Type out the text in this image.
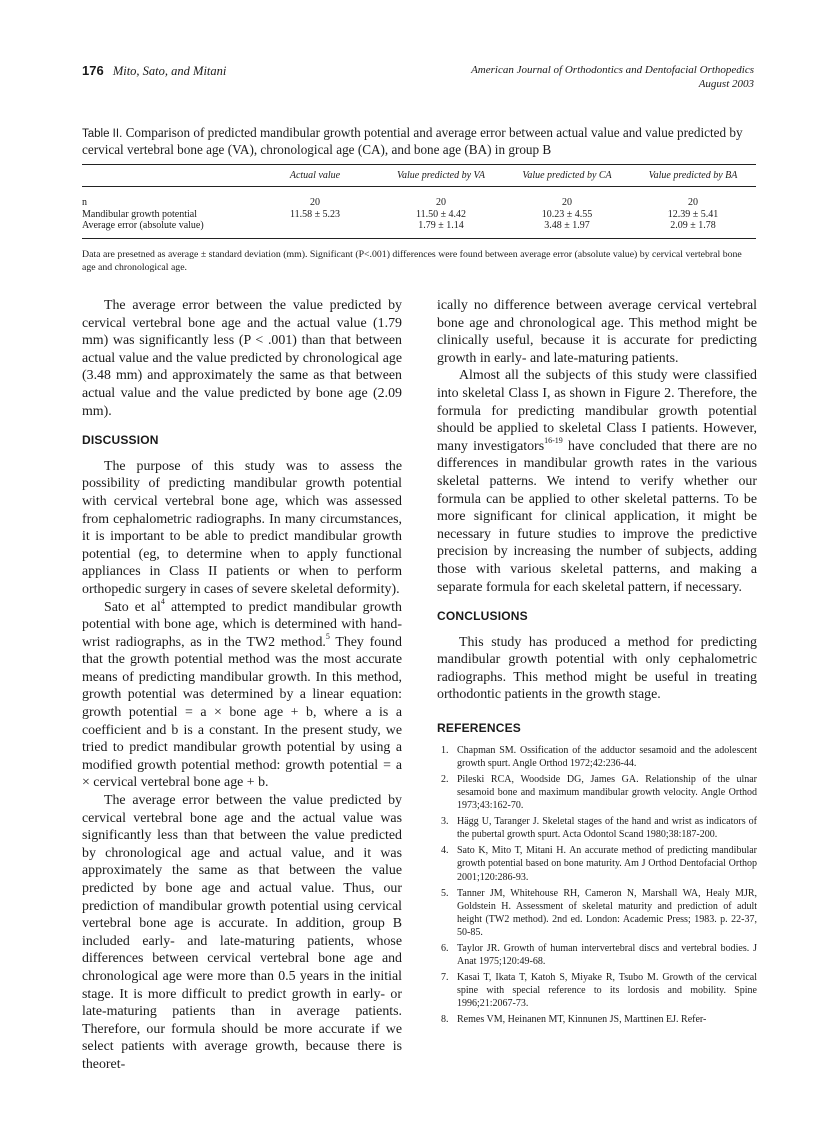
176 Mito, Sato, and Mitani	American Journal of Orthodontics and Dentofacial Orthopedics
August 2003
Table II. Comparison of predicted mandibular growth potential and average error between actual value and value predicted by cervical vertebral bone age (VA), chronological age (CA), and bone age (BA) in group B
	Actual value	Value predicted by VA	Value predicted by CA	Value predicted by BA

n	20	20	20	20
Mandibular growth potential	11.58 ± 5.23	11.50 ± 4.42	10.23 ± 4.55	12.39 ± 5.41
Average error (absolute value)		1.79 ± 1.14	3.48 ± 1.97	2.09 ± 1.78
Data are presetned as average ± standard deviation (mm). Significant (P<.001) differences were found between average error (absolute value) by cervical vertebral bone age and chronological age.

The average error between the value predicted by cervical vertebral bone age and the actual value (1.79 mm) was significantly less (P < .001) than that between actual value and the value predicted by chronological age (3.48 mm) and approximately the same as that between actual value and the value predicted by bone age (2.09 mm).

DISCUSSION

The purpose of this study was to assess the possibility of predicting mandibular growth potential with cervical vertebral bone age, which was assessed from cephalometric radiographs. In many circumstances, it is important to be able to predict mandibular growth potential (eg, to determine when to apply functional appliances in Class II patients or when to perform orthopedic surgery in cases of severe skeletal deformity).

Sato et $al^4$ attempted to predict mandibular growth potential with bone age, which is determined with hand-wrist radiographs, as in the TW2 method.$^5$ They found that the growth potential method was the most accurate means of predicting mandibular growth. In this method, growth potential was determined by a linear equation: growth potential = a × bone age + b, where a is a coefficient and b is a constant. In the present study, we tried to predict mandibular growth potential by using a modified growth potential method: growth potential = a × cervical vertebral bone age + b.

The average error between the value predicted by cervical vertebral bone age and the actual value was significantly less than that between the value predicted by chronological age and actual value, and it was approximately the same as that between the value predicted by bone age and actual value. Thus, our prediction of mandibular growth potential using cervical vertebral bone age is accurate. In addition, group B included early- and late-maturing patients, whose differences between cervical vertebral bone age and chronological age were more than 0.5 years in the initial stage. It is more difficult to predict growth in early- or late-maturing patients than in average patients. Therefore, our formula should be more accurate if we select patients with average growth, because there is theoret-

ically no difference between average cervical vertebral bone age and chronological age. This method might be clinically useful, because it is accurate for predicting growth in early- and late-maturing patients.

Almost all the subjects of this study were classified into skeletal Class I, as shown in Figure 2. Therefore, the formula for predicting mandibular growth potential should be applied to skeletal Class I patients. However, many investigators$^{16-19}$ have concluded that there are no differences in mandibular growth rates in the various skeletal patterns. We intend to verify whether our formula can be applied to other skeletal patterns. To be more significant for clinical application, it might be necessary in future studies to improve the predictive precision by increasing the number of subjects, adding those with various skeletal patterns, and making a separate formula for each skeletal pattern, if necessary.

CONCLUSIONS

This study has produced a method for predicting mandibular growth potential with only cephalometric radiographs. This method might be useful in treating orthodontic patients in the growth stage.

REFERENCES
1. Chapman SM. Ossification of the adductor sesamoid and the adolescent growth spurt. Angle Orthod 1972;42:236-44.
2. Pileski RCA, Woodside DG, James GA. Relationship of the ulnar sesamoid bone and maximum mandibular growth velocity. Angle Orthod 1973;43:162-70.
3. Hägg U, Taranger J. Skeletal stages of the hand and wrist as indicators of the pubertal growth spurt. Acta Odontol Scand 1980;38:187-200.
4. Sato K, Mito T, Mitani H. An accurate method of predicting mandibular growth potential based on bone maturity. Am J Orthod Dentofacial Orthop 2001;120:286-93.
5. Tanner JM, Whitehouse RH, Cameron N, Marshall WA, Healy MJR, Goldstein H. Assessment of skeletal maturity and prediction of adult height (TW2 method). 2nd ed. London: Academic Press; 1983. p. 22-37, 50-85.
6. Taylor JR. Growth of human intervertebral discs and vertebral bodies. J Anat 1975;120:49-68.
7. Kasai T, Ikata T, Katoh S, Miyake R, Tsubo M. Growth of the cervical spine with special reference to its lordosis and mobility. Spine 1996;21:2067-73.
8. Remes VM, Heinanen MT, Kinnunen JS, Marttinen EJ. Refer-
